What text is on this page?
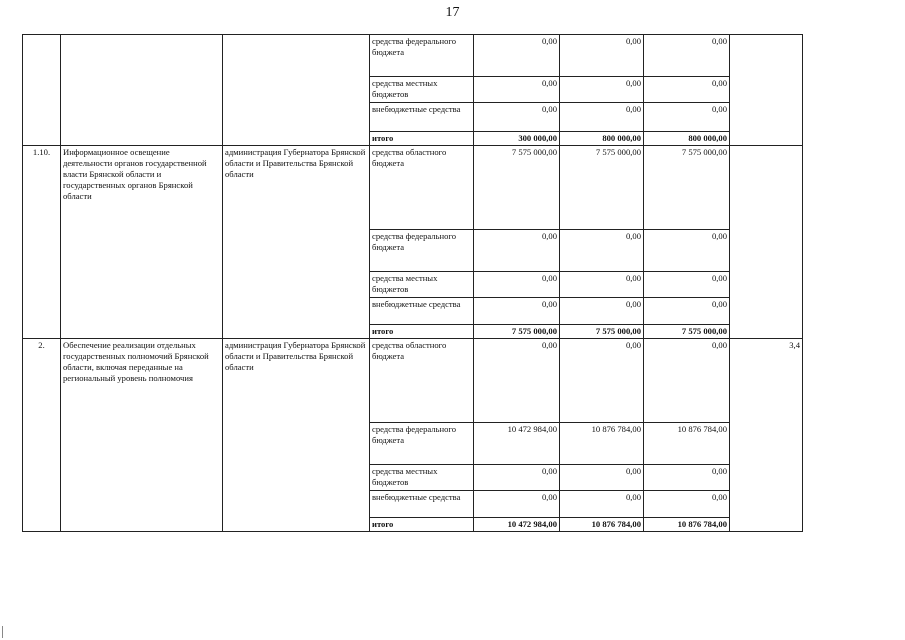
17
			средства федерального бюджета	0,00	0,00	0,00	
			средства местных бюджетов	0,00	0,00	0,00	
			внебюджетные средства	0,00	0,00	0,00	
			итого	300 000,00	800 000,00	800 000,00	
1.10.	Информационное освещение деятельности органов государственной власти Брянской области и государственных органов Брянской области	администрация Губернатора Брянской области и Правительства Брянской области	средства областного бюджета	7 575 000,00	7 575 000,00	7 575 000,00	
			средства федерального бюджета	0,00	0,00	0,00	
			средства местных бюджетов	0,00	0,00	0,00	
			внебюджетные средства	0,00	0,00	0,00	
			итого	7 575 000,00	7 575 000,00	7 575 000,00	
2.	Обеспечение реализации отдельных государственных полномочий Брянской области, включая переданные на региональный уровень полномочия	администрация Губернатора Брянской области и Правительства Брянской области	средства областного бюджета	0,00	0,00	0,00	3,4
			средства федерального бюджета	10 472 984,00	10 876 784,00	10 876 784,00	
			средства местных бюджетов	0,00	0,00	0,00	
			внебюджетные средства	0,00	0,00	0,00	
			итого	10 472 984,00	10 876 784,00	10 876 784,00	
